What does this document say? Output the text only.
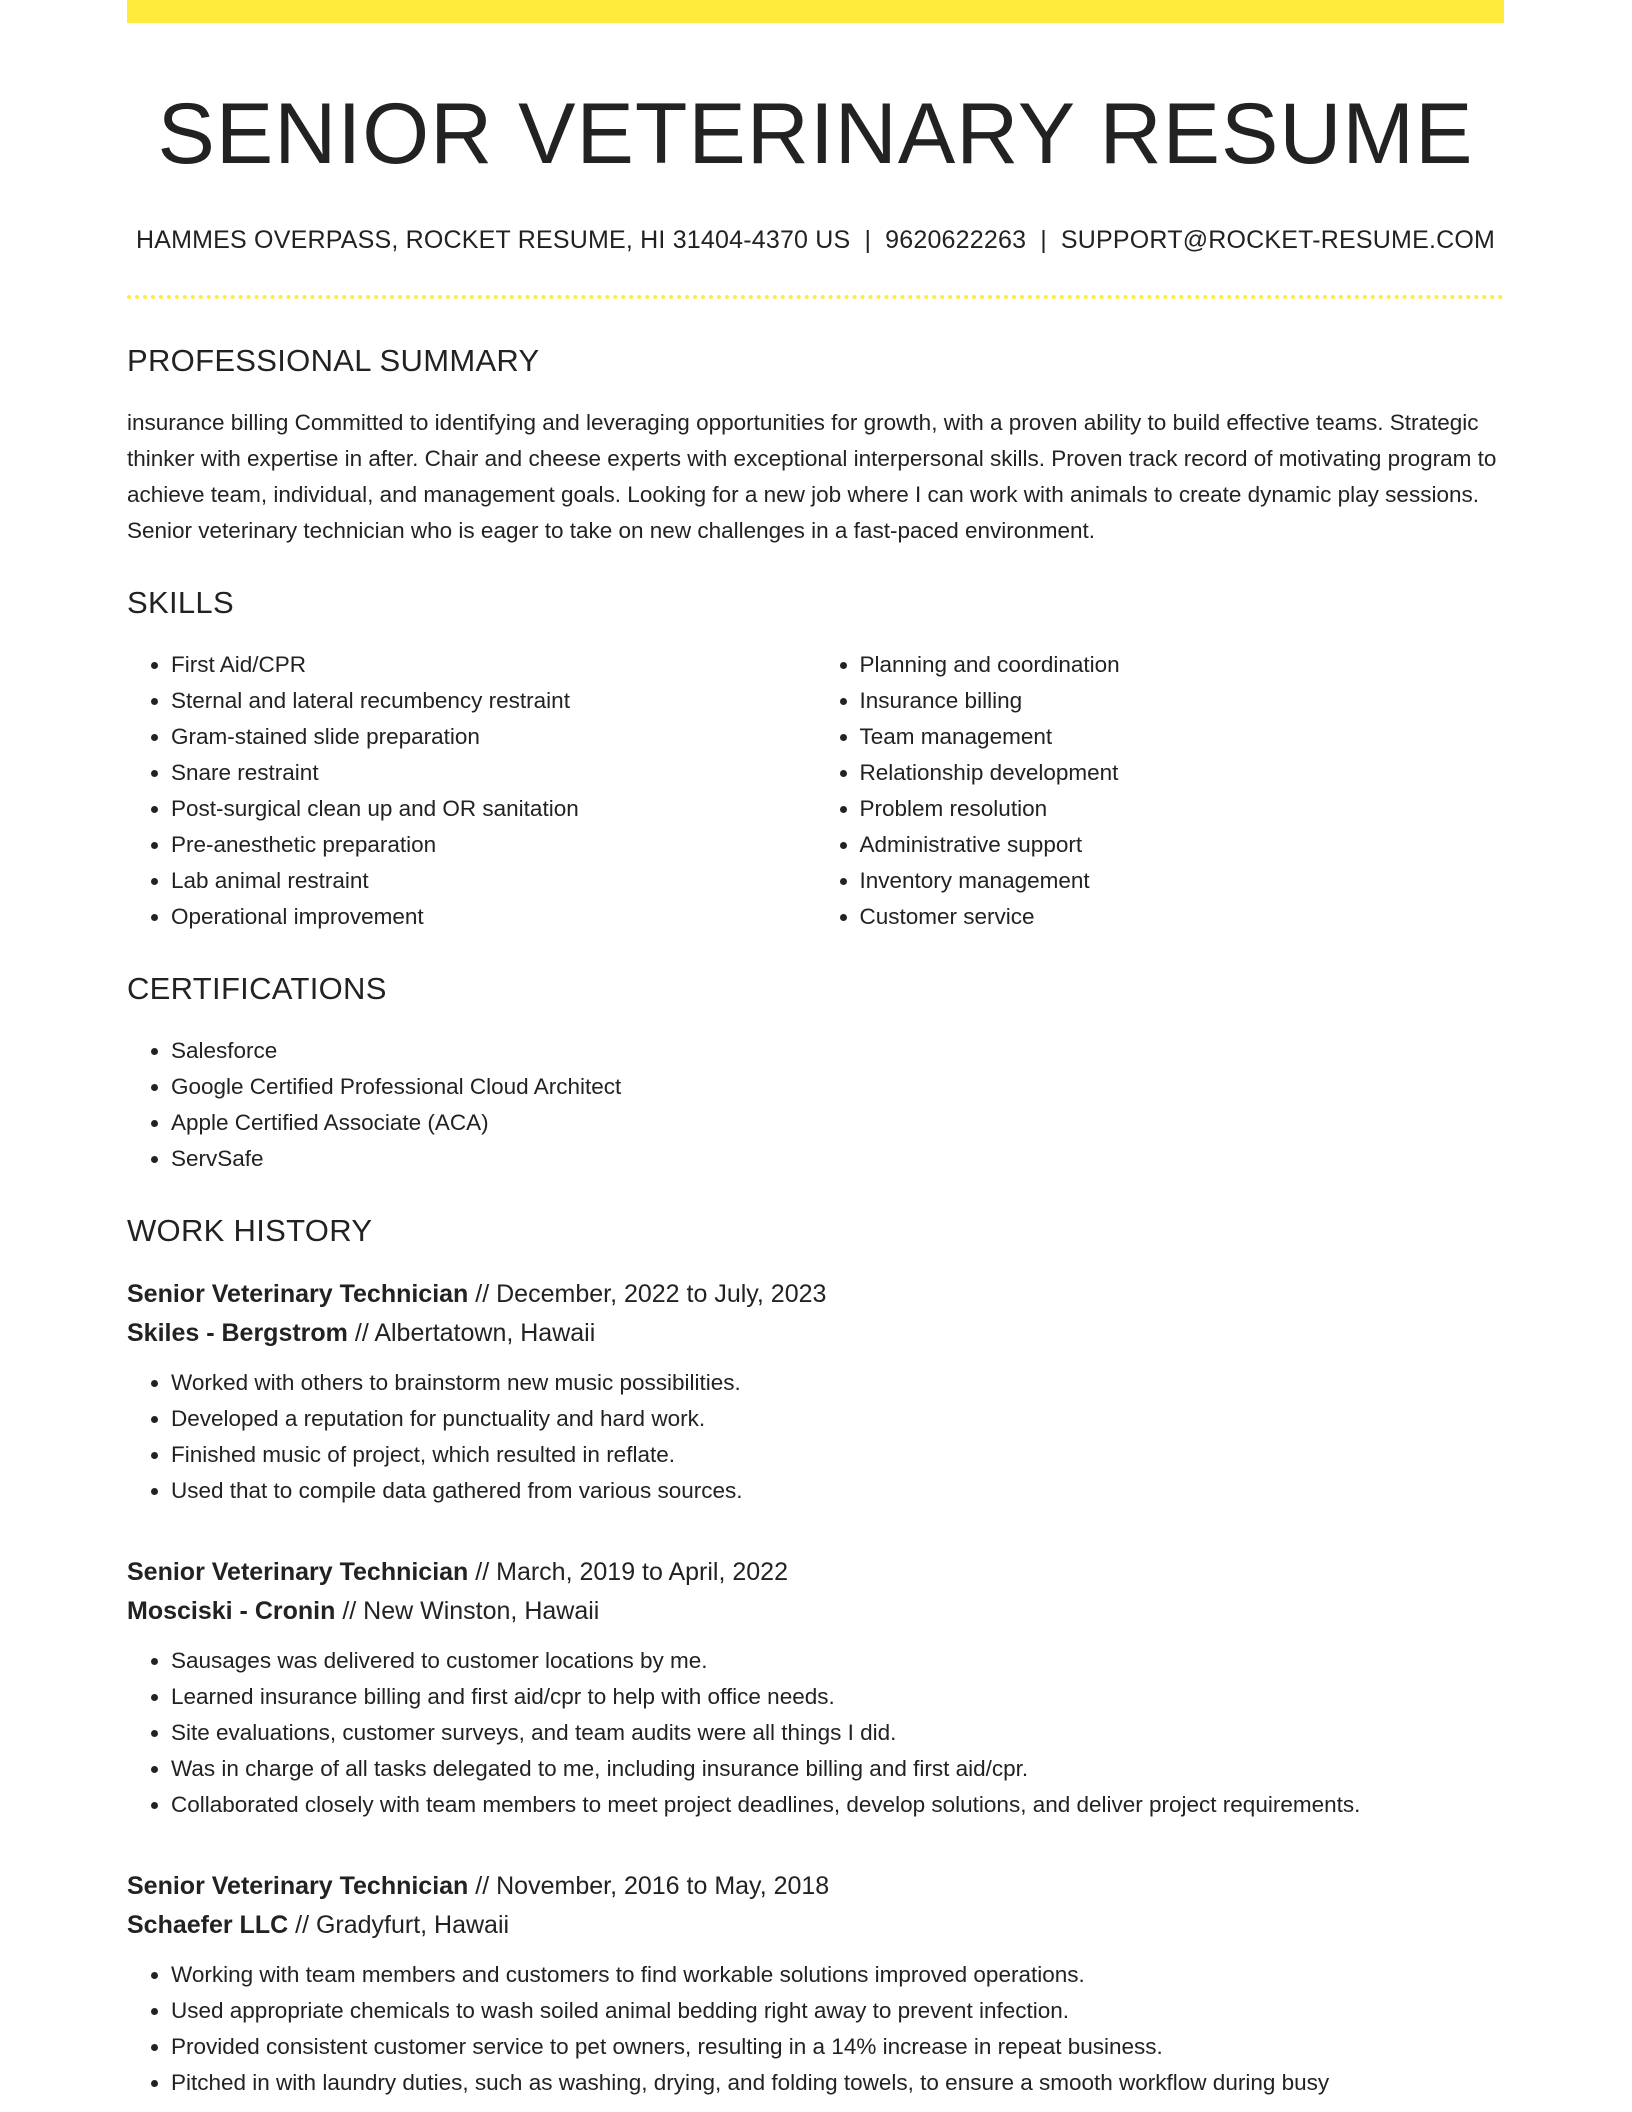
SENIOR VETERINARY RESUME
HAMMES OVERPASS, ROCKET RESUME, HI 31404-4370 US | 9620622263 | SUPPORT@ROCKET-RESUME.COM
PROFESSIONAL SUMMARY

insurance billing Committed to identifying and leveraging opportunities for growth, with a proven ability to build effective teams. Strategic thinker with expertise in after. Chair and cheese experts with exceptional interpersonal skills. Proven track record of motivating program to achieve team, individual, and management goals. Looking for a new job where I can work with animals to create dynamic play sessions. Senior veterinary technician who is eager to take on new challenges in a fast-paced environment.

SKILLS
• First Aid/CPR
• Sternal and lateral recumbency restraint
• Gram-stained slide preparation
• Snare restraint
• Post-surgical clean up and OR sanitation
• Pre-anesthetic preparation
• Lab animal restraint
• Operational improvement
• Planning and coordination
• Insurance billing
• Team management
• Relationship development
• Problem resolution
• Administrative support
• Inventory management
• Customer service
CERTIFICATIONS
• Salesforce
• Google Certified Professional Cloud Architect
• Apple Certified Associate (ACA)
• ServSafe
WORK HISTORY
Senior Veterinary Technician // December, 2022 to July, 2023
Skiles - Bergstrom // Albertatown, Hawaii
• Worked with others to brainstorm new music possibilities.
• Developed a reputation for punctuality and hard work.
• Finished music of project, which resulted in reflate.
• Used that to compile data gathered from various sources.
Senior Veterinary Technician // March, 2019 to April, 2022
Mosciski - Cronin // New Winston, Hawaii
• Sausages was delivered to customer locations by me.
• Learned insurance billing and first aid/cpr to help with office needs.
• Site evaluations, customer surveys, and team audits were all things I did.
• Was in charge of all tasks delegated to me, including insurance billing and first aid/cpr.
• Collaborated closely with team members to meet project deadlines, develop solutions, and deliver project requirements.
Senior Veterinary Technician // November, 2016 to May, 2018
Schaefer LLC // Gradyfurt, Hawaii
• Working with team members and customers to find workable solutions improved operations.
• Used appropriate chemicals to wash soiled animal bedding right away to prevent infection.
• Provided consistent customer service to pet owners, resulting in a 14% increase in repeat business.
• Pitched in with laundry duties, such as washing, drying, and folding towels, to ensure a smooth workflow during busy
